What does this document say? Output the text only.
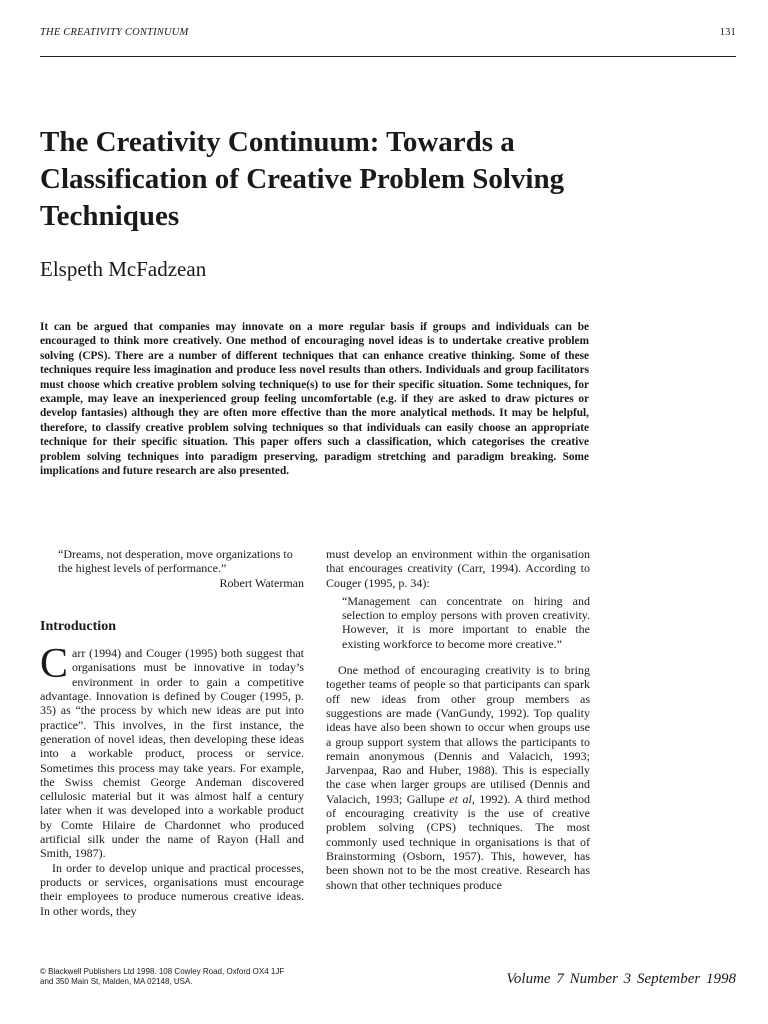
THE CREATIVITY CONTINUUM	131
The Creativity Continuum: Towards a Classification of Creative Problem Solving Techniques

Elspeth McFadzean

It can be argued that companies may innovate on a more regular basis if groups and individuals can be encouraged to think more creatively. One method of encouraging novel ideas is to undertake creative problem solving (CPS). There are a number of different techniques that can enhance creative thinking. Some of these techniques require less imagination and produce less novel results than others. Individuals and group facilitators must choose which creative problem solving technique(s) to use for their specific situation. Some techniques, for example, may leave an inexperienced group feeling uncomfortable (e.g. if they are asked to draw pictures or develop fantasies) although they are often more effective than the more analytical methods. It may be helpful, therefore, to classify creative problem solving techniques so that individuals can easily choose an appropriate technique for their specific situation. This paper offers such a classification, which categorises the creative problem solving techniques into paradigm preserving, paradigm stretching and paradigm breaking. Some implications and future research are also presented.

“Dreams, not desperation, move organizations to the highest levels of performance.”

Robert Waterman

Introduction

Carr (1994) and Couger (1995) both suggest that organisations must be innovative in today’s environment in order to gain a competitive advantage. Innovation is defined by Couger (1995, p. 35) as “the process by which new ideas are put into practice”. This involves, in the first instance, the generation of novel ideas, then developing these ideas into a workable product, process or service. Sometimes this process may take years. For example, the Swiss chemist George Andeman discovered cellulosic material but it was almost half a century later when it was developed into a workable product by Comte Hilaire de Chardonnet who produced artificial silk under the name of Rayon (Hall and Smith, 1987).

In order to develop unique and practical processes, products or services, organisations must encourage their employees to produce numerous creative ideas. In other words, they

must develop an environment within the organisation that encourages creativity (Carr, 1994). According to Couger (1995, p. 34):

“Management can concentrate on hiring and selection to employ persons with proven creativity. However, it is more important to enable the existing workforce to become more creative.”

One method of encouraging creativity is to bring together teams of people so that participants can spark off new ideas from other group members as suggestions are made (VanGundy, 1992). Top quality ideas have also been shown to occur when groups use a group support system that allows the participants to remain anonymous (Dennis and Valacich, 1993; Jarvenpaa, Rao and Huber, 1988). This is especially the case when larger groups are utilised (Dennis and Valacich, 1993; Gallupe et al, 1992). A third method of encouraging creativity is the use of creative problem solving (CPS) techniques. The most commonly used technique in organisations is that of Brainstorming (Osborn, 1957). This, however, has been shown not to be the most creative. Research has shown that other techniques produce

© Blackwell Publishers Ltd 1998. 108 Cowley Road, Oxford OX4 1JF
and 350 Main St, Malden, MA 02148, USA.	Volume 7 Number 3 September 1998
